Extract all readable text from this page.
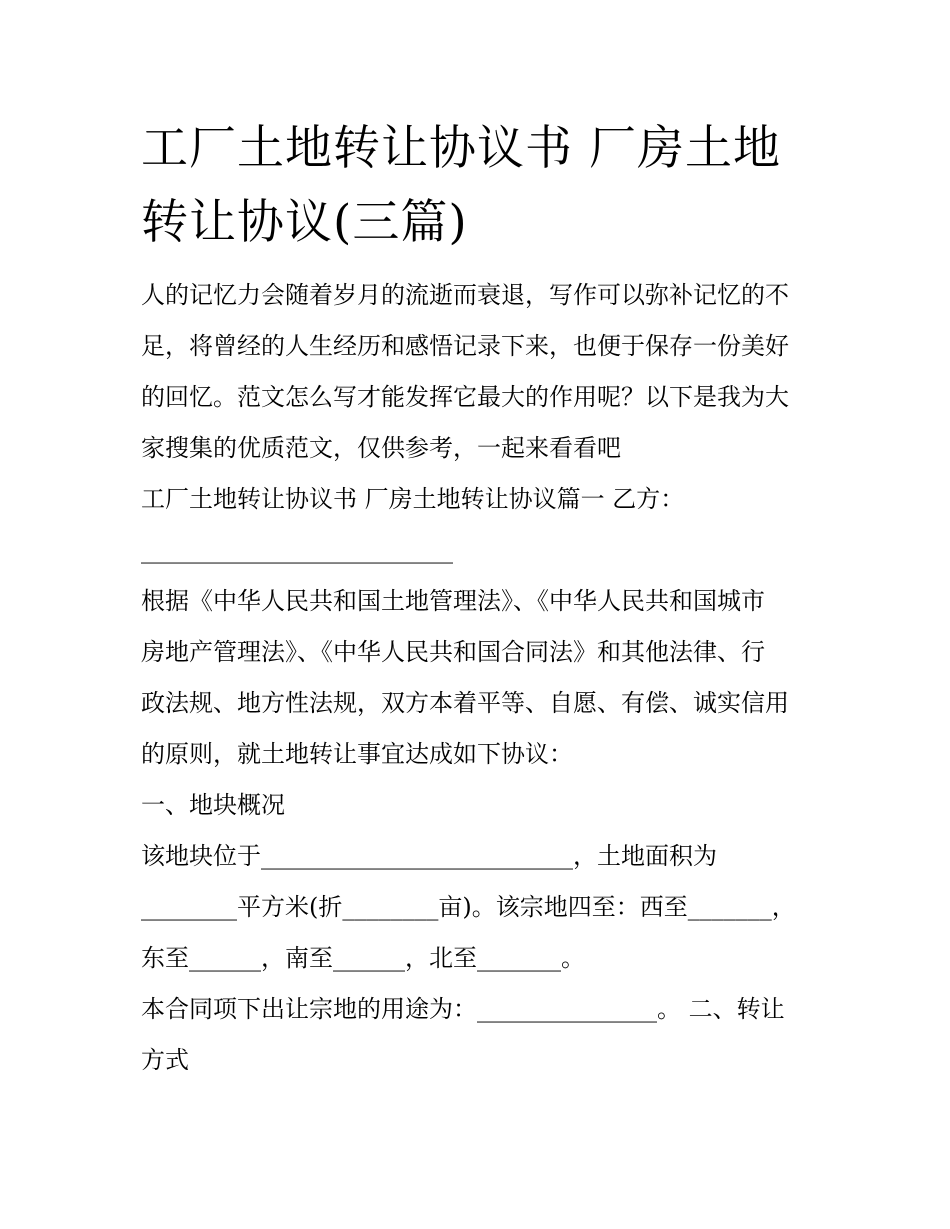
工厂土地转让协议书 厂房土地
转让协议(三篇)
人的记忆力会随着岁月的流逝而衰退，写作可以弥补记忆的不
足，将曾经的人生经历和感悟记录下来，也便于保存一份美好
的回忆。范文怎么写才能发挥它最大的作用呢？以下是我为大
家搜集的优质范文，仅供参考，一起来看看吧
工厂土地转让协议书 厂房土地转让协议篇一 乙方：
__________________________
根据《中华人民共和国土地管理法》、《中华人民共和国城市
房地产管理法》、《中华人民共和国合同法》和其他法律、行
政法规、地方性法规，双方本着平等、自愿、有偿、诚实信用
的原则，就土地转让事宜达成如下协议：
一、地块概况
该地块位于__________________________，土地面积为
________平方米(折________亩)。该宗地四至：西至_______，
东至______，南至______，北至_______。
本合同项下出让宗地的用途为：_______________。 二、转让
方式
